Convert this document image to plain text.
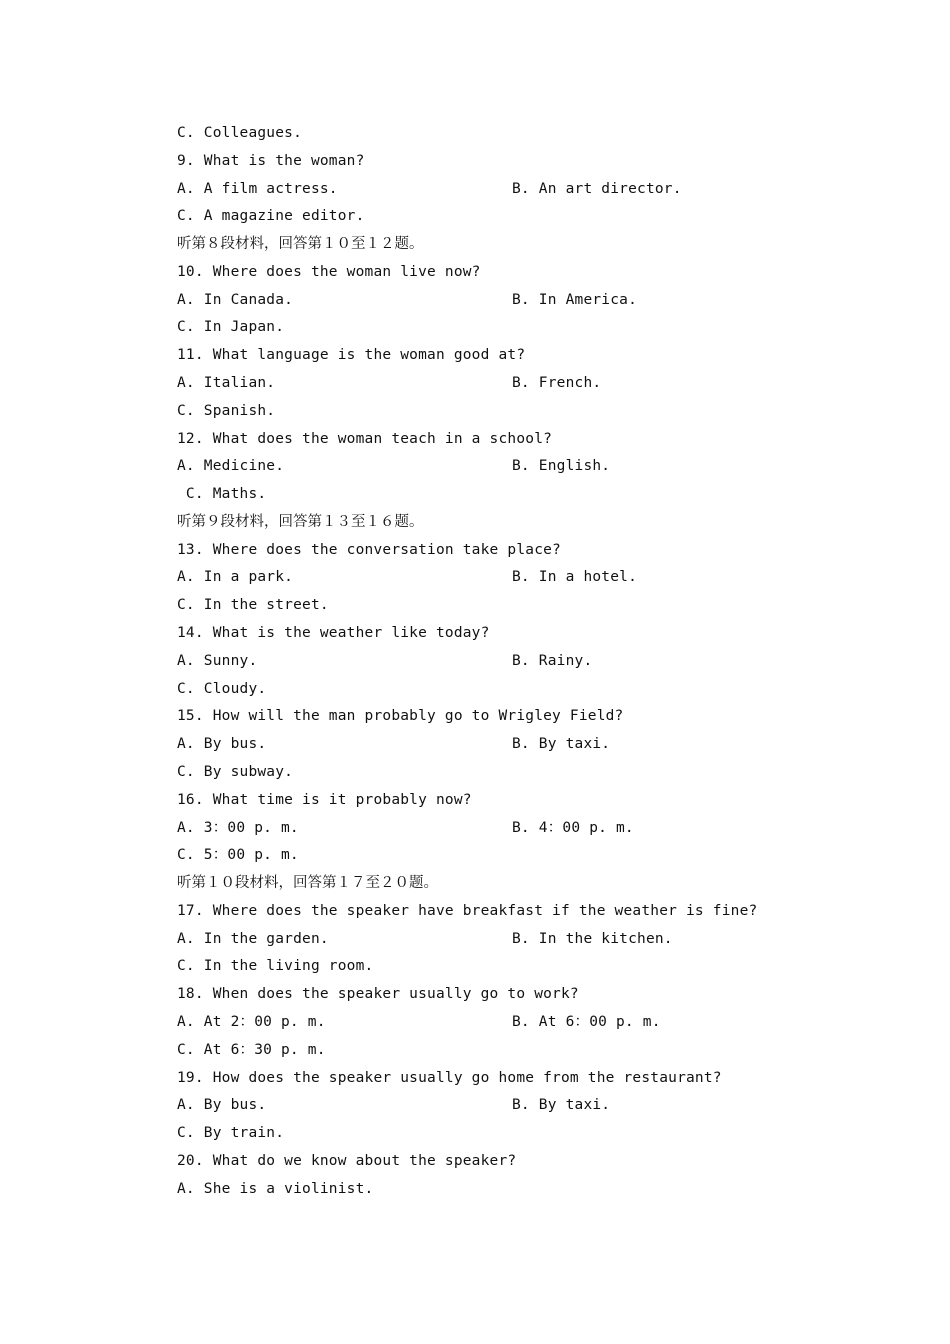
C. Colleagues.
9. What is the woman?
A. A film actress.	B. An art director.
C. A magazine editor.
听第８段材料，回答第１０至１２题。
10. Where does the woman live now?
A. In Canada.	B. In America.
C. In Japan.
11. What language is the woman good at?
A. Italian.	B. French.
C. Spanish.
12. What does the woman teach in a school?
A. Medicine.	B. English.
C. Maths.
听第９段材料，回答第１３至１６题。
13. Where does the conversation take place?
A. In a park.	B. In a hotel.
C. In the street.
14. What is the weather like today?
A. Sunny.	B. Rainy.
C. Cloudy.
15. How will the man probably go to Wrigley Field?
A. By bus.	B. By taxi.
C. By subway.
16. What time is it probably now?
A. 3：00 p. m.	B. 4：00 p. m.
C. 5：00 p. m.
听第１０段材料，回答第１７至２０题。
17. Where does the speaker have breakfast if the weather is fine?
A. In the garden.	B. In the kitchen.
C. In the living room.
18. When does the speaker usually go to work?
A. At 2：00 p. m.	B. At 6：00 p. m.
C. At 6：30 p. m.
19. How does the speaker usually go home from the restaurant?
A. By bus.	B. By taxi.
C. By train.
20. What do we know about the speaker?
A. She is a violinist.
